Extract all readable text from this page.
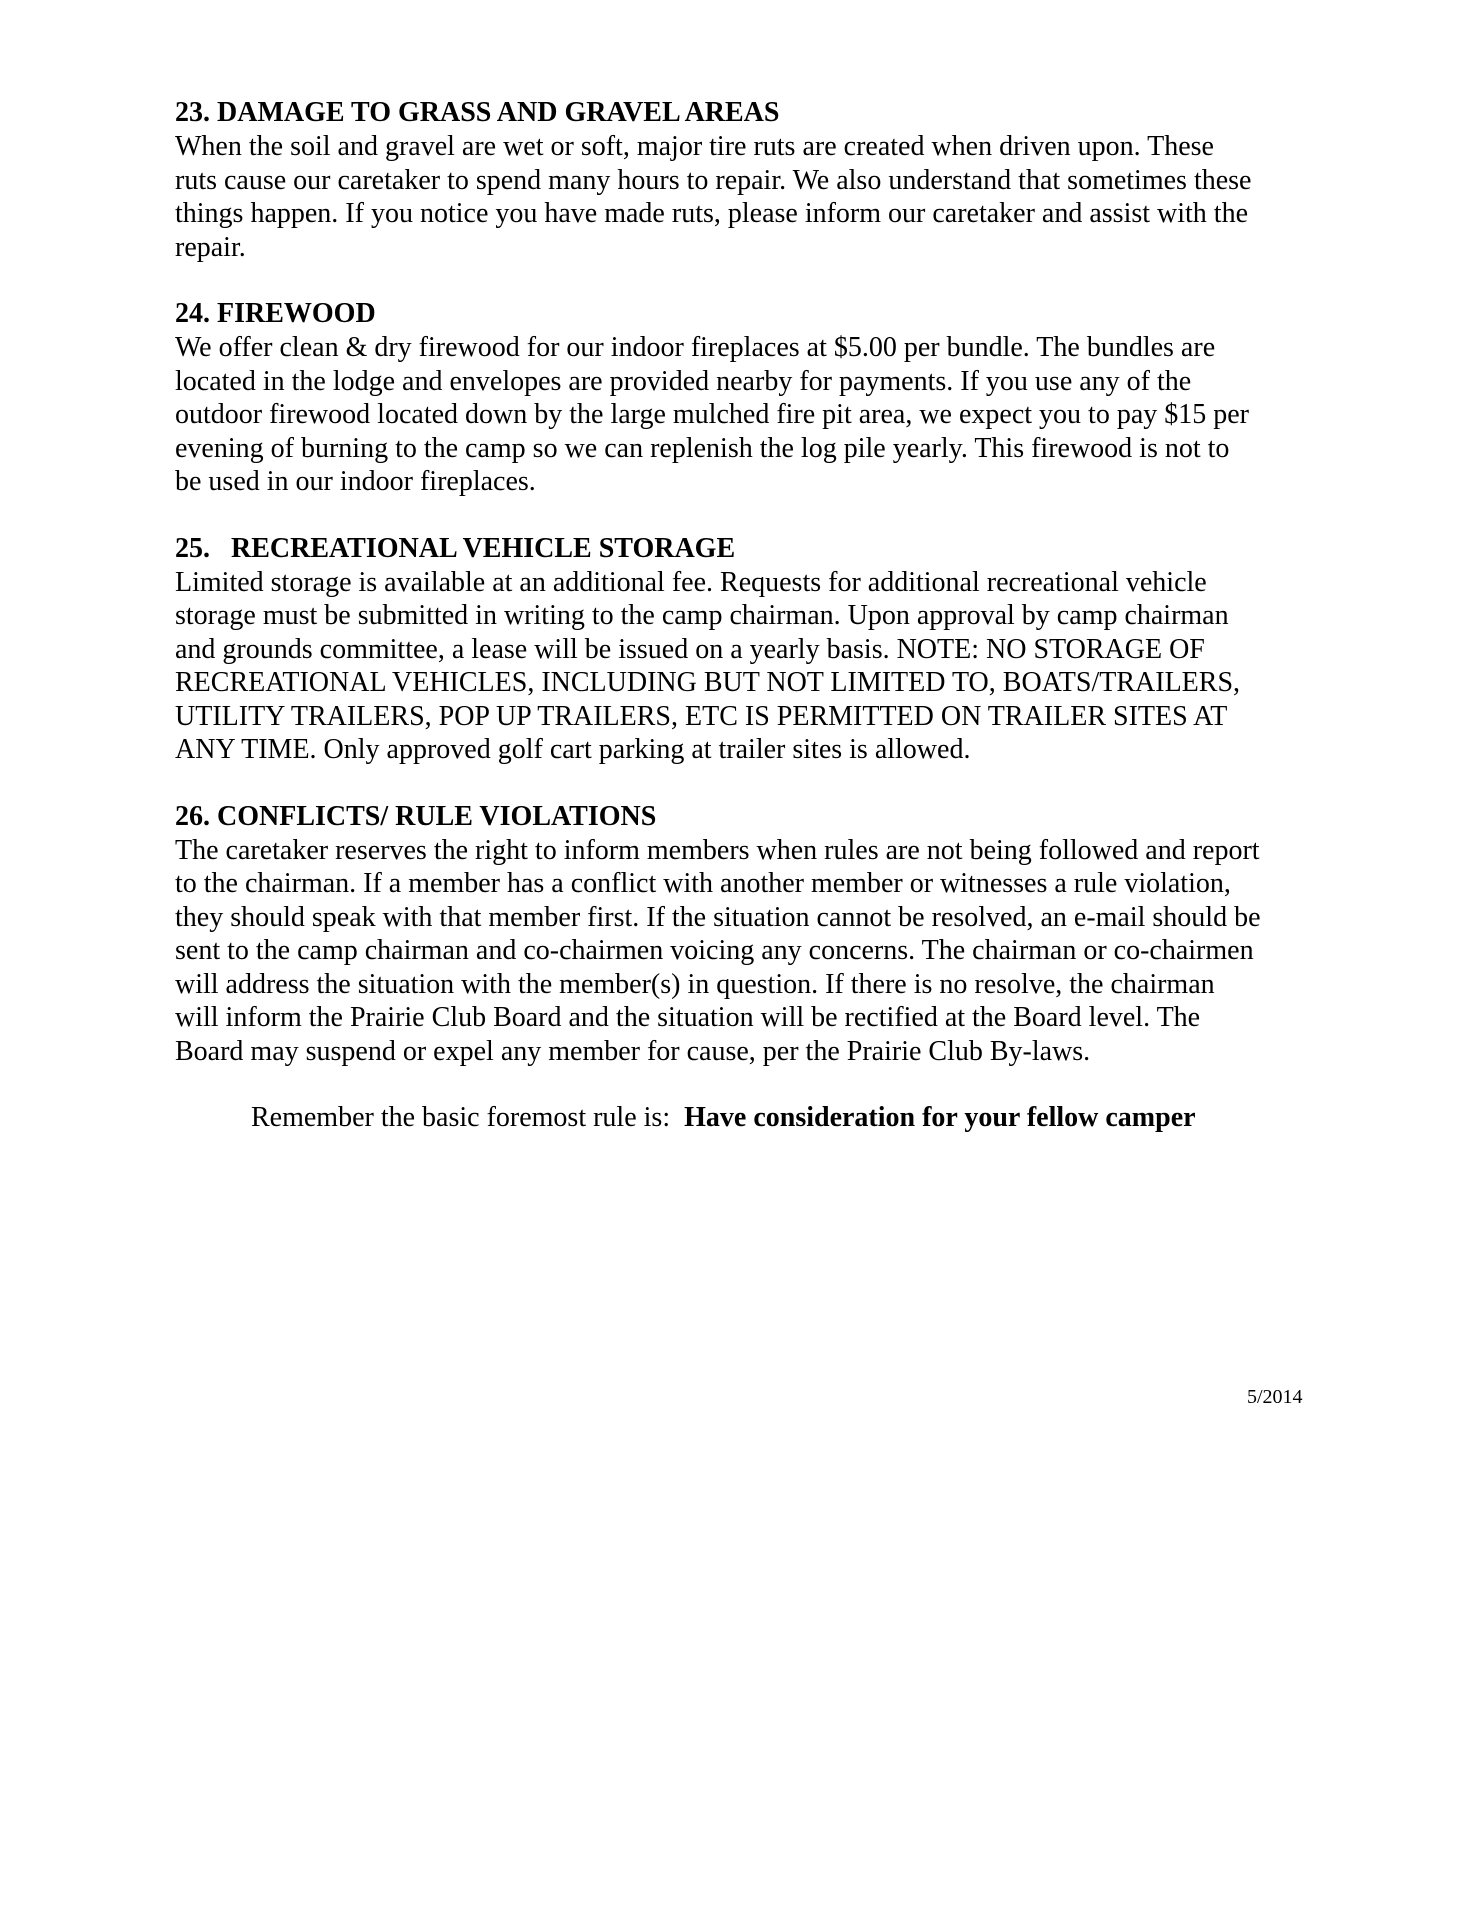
23. DAMAGE TO GRASS AND GRAVEL AREAS
When the soil and gravel are wet or soft, major tire ruts are created when driven upon. These
ruts cause our caretaker to spend many hours to repair. We also understand that sometimes these
things happen. If you notice you have made ruts, please inform our caretaker and assist with the
repair.
24. FIREWOOD
We offer clean & dry firewood for our indoor fireplaces at $5.00 per bundle. The bundles are
located in the lodge and envelopes are provided nearby for payments. If you use any of the
outdoor firewood located down by the large mulched fire pit area, we expect you to pay $15 per
evening of burning to the camp so we can replenish the log pile yearly. This firewood is not to
be used in our indoor fireplaces.
25.   RECREATIONAL VEHICLE STORAGE
Limited storage is available at an additional fee. Requests for additional recreational vehicle
storage must be submitted in writing to the camp chairman. Upon approval by camp chairman
and grounds committee, a lease will be issued on a yearly basis. NOTE: NO STORAGE OF
RECREATIONAL VEHICLES, INCLUDING BUT NOT LIMITED TO, BOATS/TRAILERS,
UTILITY TRAILERS, POP UP TRAILERS, ETC IS PERMITTED ON TRAILER SITES AT
ANY TIME. Only approved golf cart parking at trailer sites is allowed.
26. CONFLICTS/ RULE VIOLATIONS
The caretaker reserves the right to inform members when rules are not being followed and report
to the chairman. If a member has a conflict with another member or witnesses a rule violation,
they should speak with that member first. If the situation cannot be resolved, an e-mail should be
sent to the camp chairman and co-chairmen voicing any concerns. The chairman or co-chairmen
will address the situation with the member(s) in question. If there is no resolve, the chairman
will inform the Prairie Club Board and the situation will be rectified at the Board level. The
Board may suspend or expel any member for cause, per the Prairie Club By-laws.
Remember the basic foremost rule is:  Have consideration for your fellow camper
5/2014
